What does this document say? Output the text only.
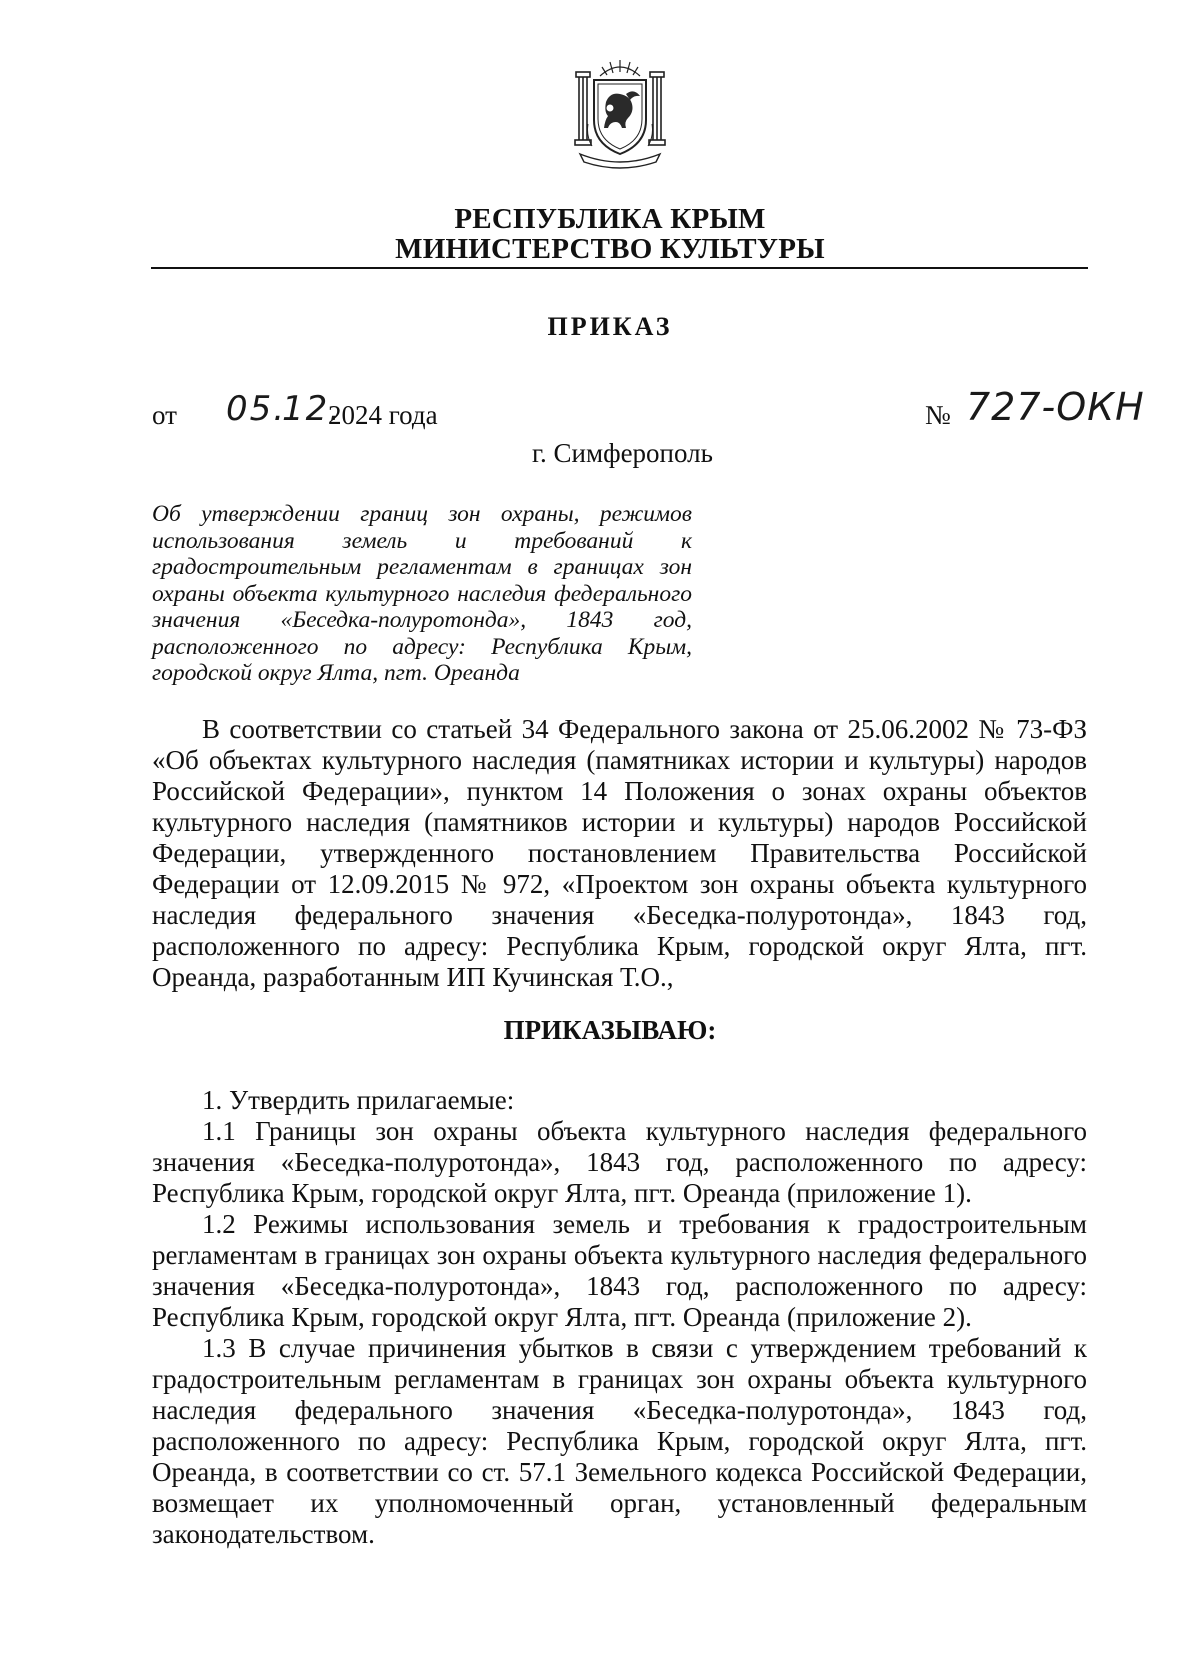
РЕСПУБЛИКА КРЫМ
МИНИСТЕРСТВО КУЛЬТУРЫ
ПРИКАЗ
от 05.
12.
2024 года	№ 727-ОКН
г. Симферополь
Об утверждении границ зон охраны, режимов использования земель и требований к градостроительным регламентам в границах зон охраны объекта культурного наследия федерального значения «Беседка-полуротонда», 1843 год, расположенного по адресу: Республика Крым, городской округ Ялта, пгт. Ореанда
В соответствии со статьей 34 Федерального закона от 25.06.2002 № 73-ФЗ «Об объектах культурного наследия (памятниках истории и культуры) народов Российской Федерации», пунктом 14 Положения о зонах охраны объектов культурного наследия (памятников истории и культуры) народов Российской Федерации, утвержденного постановлением Правительства Российской Федерации от 12.09.2015 № 972, «Проектом зон охраны объекта культурного наследия федерального значения «Беседка-полуротонда», 1843 год, расположенного по адресу: Республика Крым, городской округ Ялта, пгт. Ореанда, разработанным ИП Кучинская Т.О.,
ПРИКАЗЫВАЮ:

1. Утвердить прилагаемые:

1.1 Границы зон охраны объекта культурного наследия федерального значения «Беседка-полуротонда», 1843 год, расположенного по адресу: Республика Крым, городской округ Ялта, пгт. Ореанда (приложение 1).

1.2 Режимы использования земель и требования к градостроительным регламентам в границах зон охраны объекта культурного наследия федерального значения «Беседка-полуротонда», 1843 год, расположенного по адресу: Республика Крым, городской округ Ялта, пгт. Ореанда (приложение 2).

1.3 В случае причинения убытков в связи с утверждением требований к градостроительным регламентам в границах зон охраны объекта культурного наследия федерального значения «Беседка-полуротонда», 1843 год, расположенного по адресу: Республика Крым, городской округ Ялта, пгт. Ореанда, в соответствии со ст. 57.1 Земельного кодекса Российской Федерации, возмещает их уполномоченный орган, установленный федеральным законодательством.
